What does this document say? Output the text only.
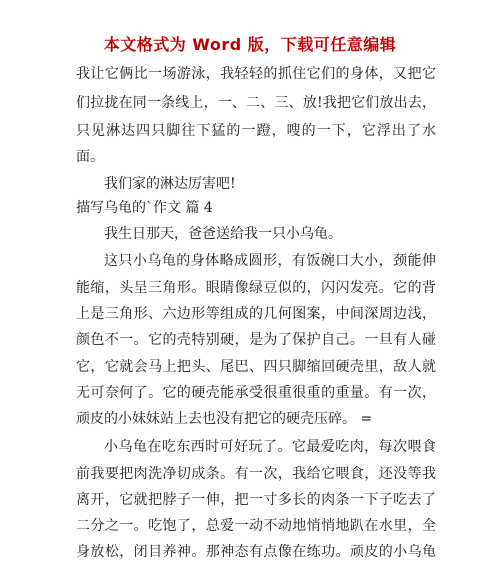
本文格式为 Word 版，下载可任意编辑
我让它俩比一场游泳，我轻轻的抓住它们的身体，又把它
们拉拢在同一条线上，一、二、三、放!我把它们放出去，
只见淋达四只脚往下猛的一蹬，嗖的一下，它浮出了水
面。
我们家的淋达厉害吧!
描写乌龟的`作文 篇 4
我生日那天，爸爸送给我一只小乌龟。
这只小乌龟的身体略成圆形，有饭碗口大小，颈能伸
能缩，头呈三角形。眼睛像绿豆似的，闪闪发亮。它的背
上是三角形、六边形等组成的几何图案，中间深周边浅，
颜色不一。它的壳特别硬，是为了保护自己。一旦有人碰
它，它就会马上把头、尾巴、四只脚缩回硬壳里，敌人就
无可奈何了。它的硬壳能承受很重很重的重量。有一次，
顽皮的小妹妹站上去也没有把它的硬壳压碎。 =
小乌龟在吃东西时可好玩了。它最爱吃肉，每次喂食
前我要把肉洗净切成条。有一次，我给它喂食，还没等我
离开，它就把脖子一伸，把一寸多长的肉条一下子吃去了
二分之一。吃饱了，总爱一动不动地悄悄地趴在水里，全
身放松，闭目养神。那神态有点像在练功。顽皮的小乌龟
